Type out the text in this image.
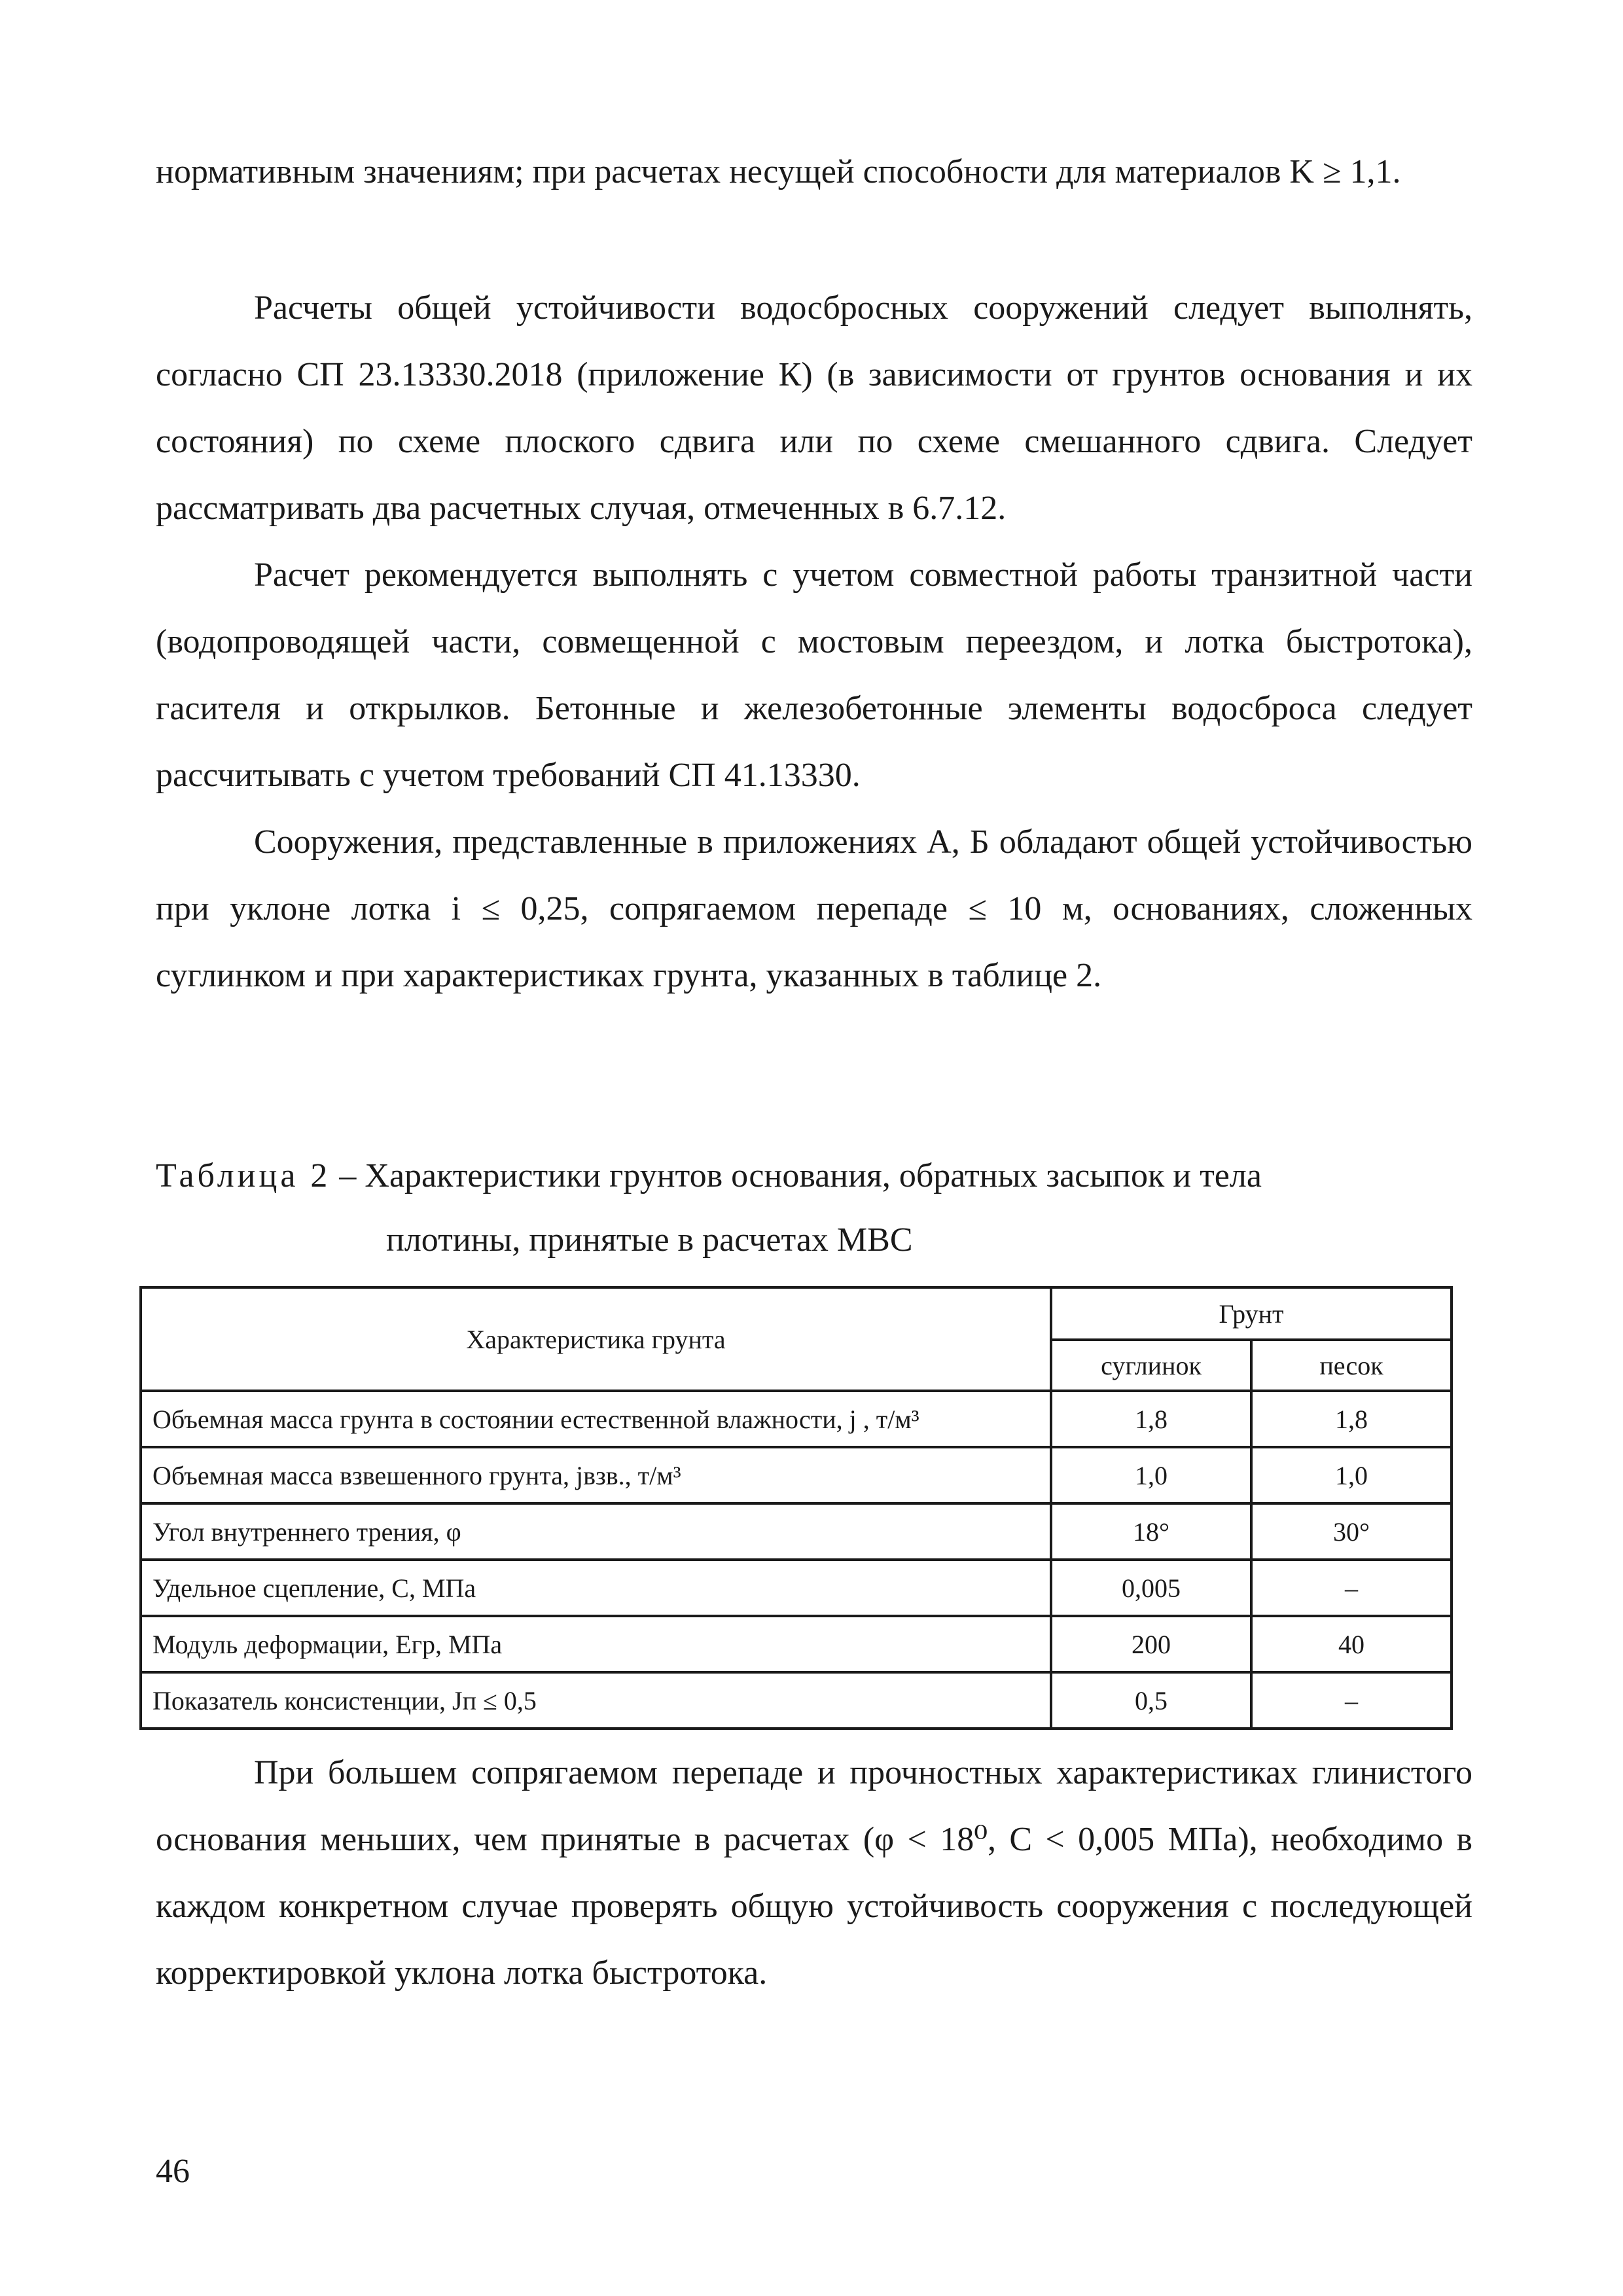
нормативным значениям; при расчетах несущей способности для материалов K ≥ 1,1.

Расчеты общей устойчивости водосбросных сооружений следует выполнять, согласно СП 23.13330.2018 (приложение К) (в зависимости от грунтов основания и их состояния) по схеме плоского сдвига или по схеме смешанного сдвига. Следует рассматривать два расчетных случая, отмеченных в 6.7.12.

Расчет рекомендуется выполнять с учетом совместной работы транзитной части (водопроводящей части, совмещенной с мостовым переездом, и лотка быстротока), гасителя и открылков. Бетонные и железобетонные элементы водосброса следует рассчитывать с учетом требований СП 41.13330.

Сооружения, представленные в приложениях А, Б обладают общей устойчивостью при уклоне лотка i ≤ 0,25, сопрягаемом перепаде ≤ 10 м, основаниях, сложенных суглинком и при характеристиках грунта, указанных в таблице 2.

Таблица 2 – Характеристики грунтов основания, обратных засыпок и тела
плотины, принятые в расчетах МВС

Характеристика грунта	Грунт	
	суглинок	песок
Объемная масса грунта в состоянии естественной влажности, j , т/м³	1,8	1,8
Объемная масса взвешенного грунта, jвзв., т/м³	1,0	1,0
Угол внутреннего трения, φ	18°	30°
Удельное сцепление, C, МПа	0,005	–
Модуль деформации, Eгр, МПа	200	40
Показатель консистенции, Jп ≤ 0,5	0,5	–

При большем сопрягаемом перепаде и прочностных характеристиках глинистого основания меньших, чем принятые в расчетах (φ < 18⁰, C < 0,005 МПа), необходимо в каждом конкретном случае проверять общую устойчивость сооружения с последующей корректировкой уклона лотка быстротока.

46
